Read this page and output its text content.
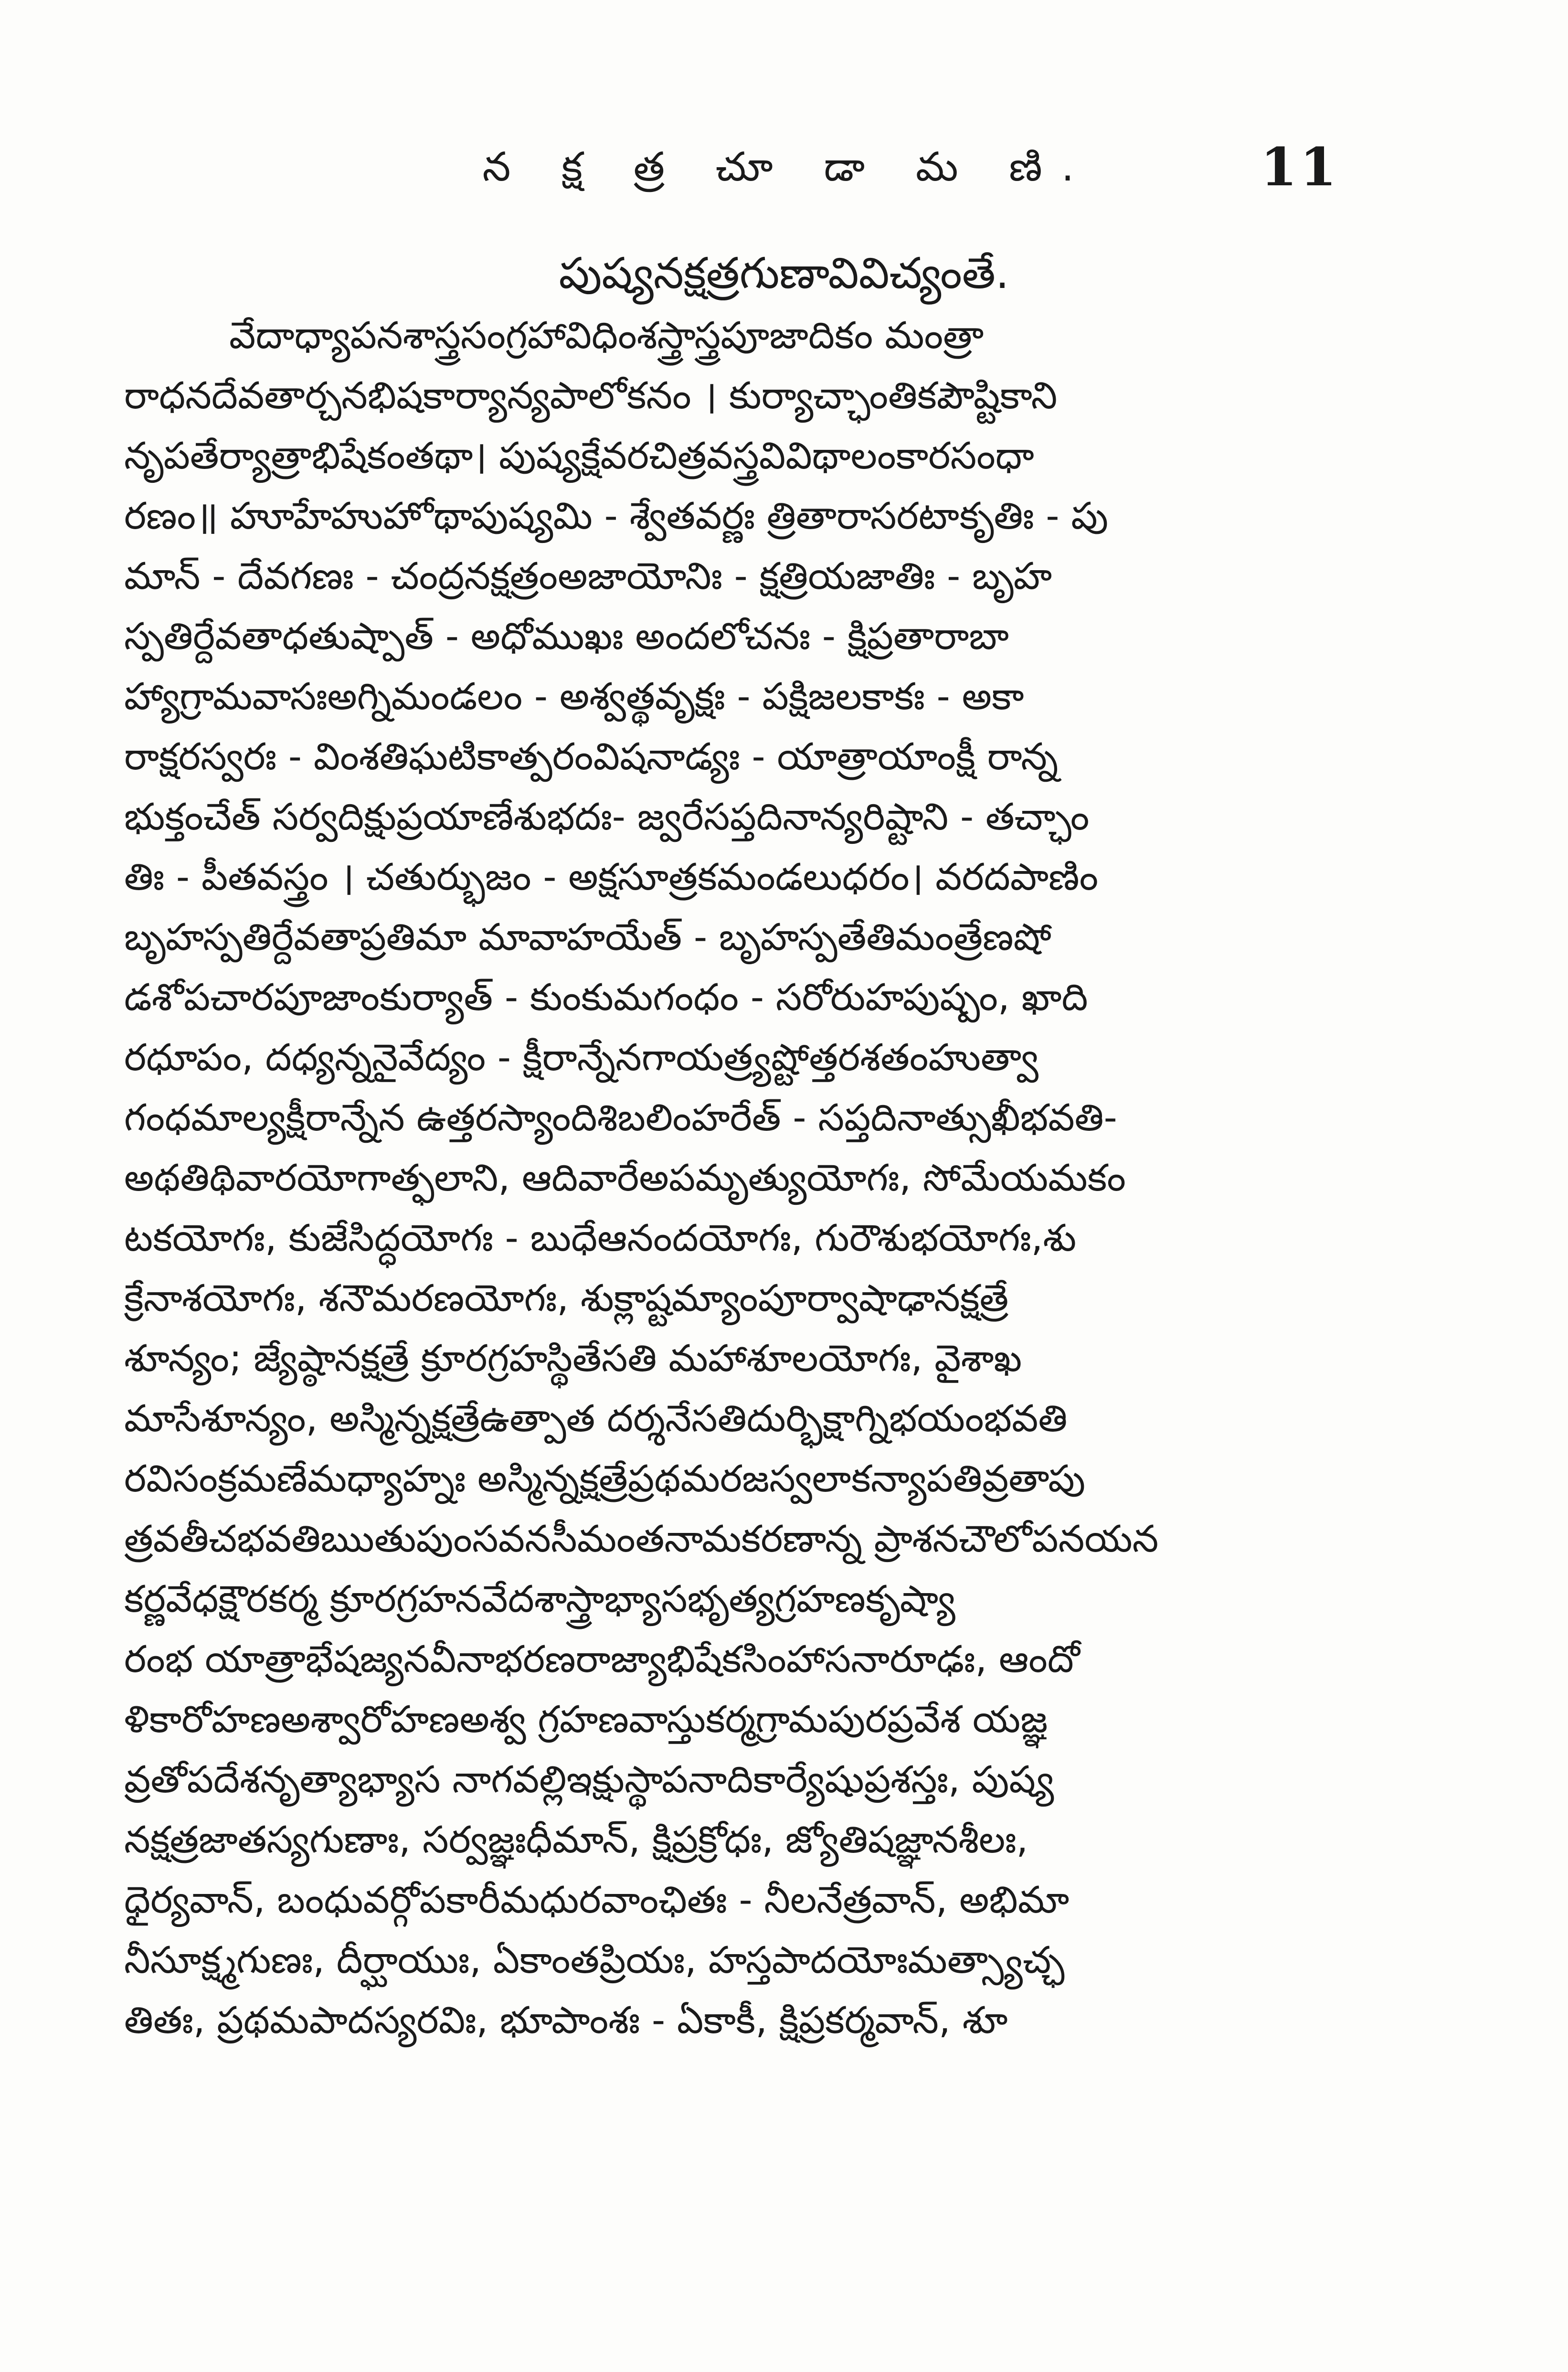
న క్ష త్ర చూ డా మ ణి.	11
పుష్యనక్షత్రగుణావివిచ్యంతే.
వేదాధ్యాపనశాస్త్రసంగ్రహావిధింశస్త్రాస్త్రపూజాదికం మంత్రా
రాధనదేవతార్చనభిషకార్యాన్యపాలోకనం । కుర్యాచ్ఛాంతికపౌష్టికాని
నృపతేర్యాత్రాభిషేకంతథా। పుష్యక్షేవరచిత్రవస్త్రవివిథాలంకారసంధా
రణం॥ హూహేహుహోథాపుష్యమి - శ్వేతవర్ణః త్రితారాసరటాకృతిః - పు
మాన్ - దేవగణః - చంద్రనక్షత్రంఅజాయోనిః - క్షత్రియజాతిః - బృహ
స్పతిర్దేవతాధతుష్పాత్ - అధోముఖః అందలోచనః - క్షిప్రతారాబా
హ్యాగ్రామవాసఃఅగ్నిమండలం - అశ్వత్థవృక్షః - పక్షిజలకాకః - అకా
రాక్షరస్వరః - వింశతిఘటికాత్పరంవిషనాడ్యః - యాత్రాయాంక్షీ రాన్న
భుక్తంచేత్ సర్వదిక్షుప్రయాణేశుభదః- జ్వరేసప్తదినాన్యరిష్టాని - తచ్ఛాం
తిః - పీతవస్త్రం । చతుర్భుజం - అక్షసూత్రకమండలుధరం। వరదపాణిం
బృహస్పతిర్దేవతాప్రతిమా మావాహయేత్ - బృహస్పతేతిమంత్రేణషో
డశోపచారపూజాంకుర్యాత్ - కుంకుమగంధం - సరోరుహపుష్పం, ఖాది
రధూపం, దధ్యన్ననైవేద్యం - క్షీరాన్నేనగాయత్ర్యష్టోత్తరశతంహుత్వా
గంధమాల్యక్షీరాన్నేన ఉత్తరస్యాందిశిబలింహరేత్ - సప్తదినాత్సుఖీభవతి-
అథతిథివారయోగాత్ఫలాని, ఆదివారేఅపమృత్యుయోగః, సోమేయమకం
టకయోగః, కుజేసిద్ధయోగః - బుధేఆనందయోగః, గురౌశుభయోగః,శు
క్రేనాశయోగః, శనౌమరణయోగః, శుక్లాష్టమ్యాంపూర్వాషాఢానక్షత్రే
శూన్యం; జ్యేష్ఠానక్షత్రే క్రూరగ్రహస్థితేసతి మహాశూలయోగః, వైశాఖ
మాసేశూన్యం, అస్మిన్నక్షత్రేఉత్పాత దర్శనేసతిదుర్భిక్షాగ్నిభయంభవతి
రవిసంక్రమణేమధ్యాహ్నః అస్మిన్నక్షత్రేప్రథమరజస్వలాకన్యాపతివ్రతాపు
త్రవతీచభవతిఋతుపుంసవనసీమంతనామకరణాన్న ప్రాశనచౌలోపనయన
కర్ణవేధక్షౌరకర్మ క్రూరగ్రహనవేదశాస్త్రాభ్యాసభృత్యగ్రహణకృష్యా
రంభ యాత్రాభేషజ్యనవీనాభరణరాజ్యాభిషేకసింహాసనారూఢః, ఆందో
ళికారోహణఅశ్వారోహణఅశ్వ గ్రహణవాస్తుకర్మగ్రామపురప్రవేశ యజ్ఞ
వ్రతోపదేశనృత్యాభ్యాస నాగవల్లిఇక్షుస్థాపనాదికార్యేషుప్రశస్తః, పుష్య
నక్షత్రజాతస్యగుణాః, సర్వజ్ఞఃధీమాన్, క్షిప్రక్రోధః, జ్యోతిషజ్ఞానశీలః,
ధైర్యవాన్, బంధువర్గోపకారీమధురవాంఛితః - నీలనేత్రవాన్, అభిమా
నీసూక్ష్మగుణః, దీర్ఘాయుః, ఏకాంతప్రియః, హస్తపాదయోఃమత్స్యాచ్ఛ
తితః, ప్రథమపాదస్యరవిః, భూపాంశః - ఏకాకీ, క్షిప్రకర్మవాన్, శూ
